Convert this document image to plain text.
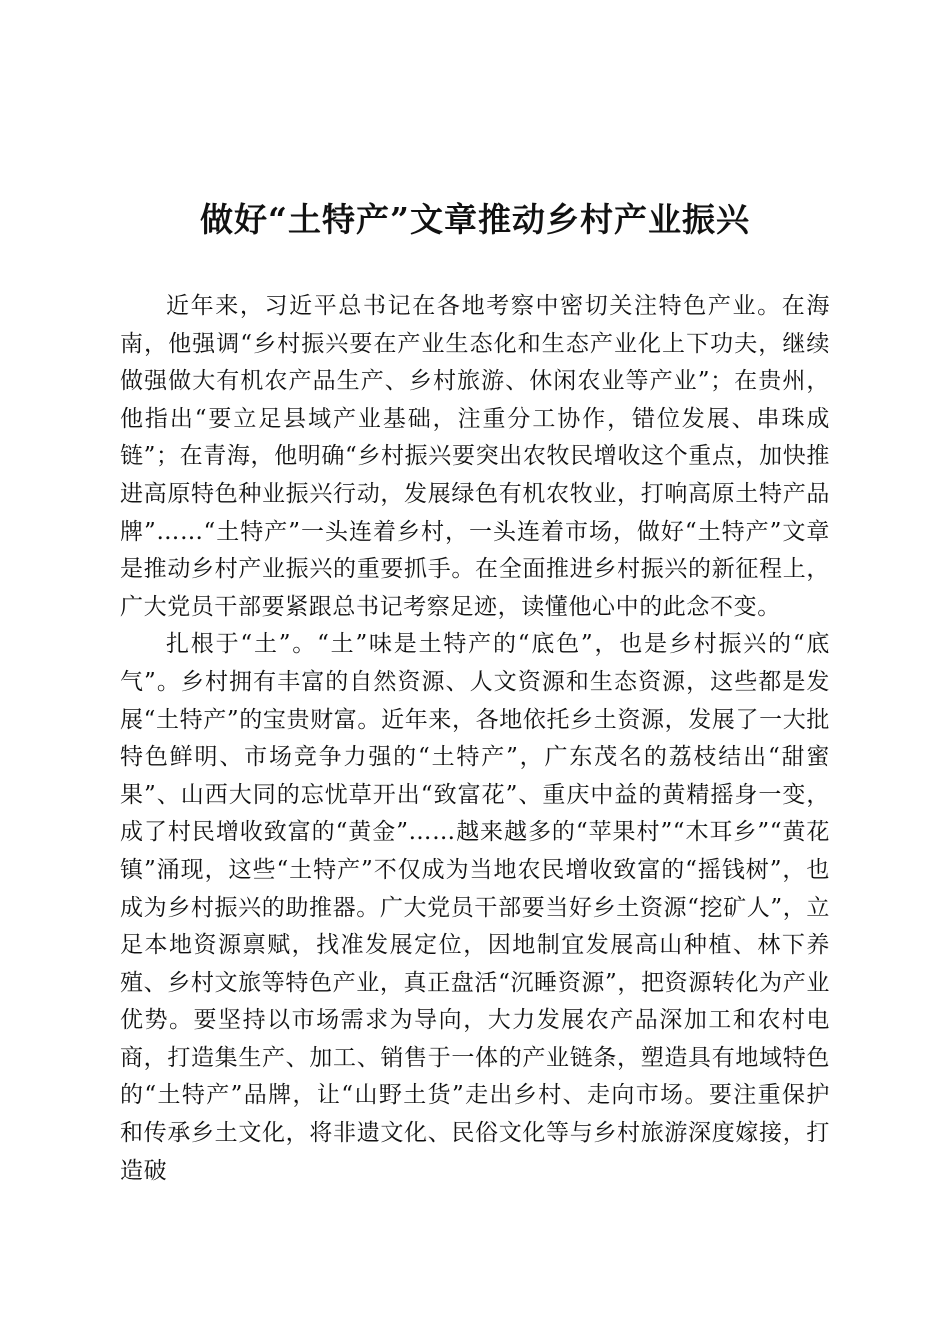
做好“土特产”文章推动乡村产业振兴

近年来，习近平总书记在各地考察中密切关注特色产业。在海南，他强调“乡村振兴要在产业生态化和生态产业化上下功夫，继续做强做大有机农产品生产、乡村旅游、休闲农业等产业”；在贵州，他指出“要立足县域产业基础，注重分工协作，错位发展、串珠成链”；在青海，他明确“乡村振兴要突出农牧民增收这个重点，加快推进高原特色种业振兴行动，发展绿色有机农牧业，打响高原土特产品牌”……“土特产”一头连着乡村，一头连着市场，做好“土特产”文章是推动乡村产业振兴的重要抓手。在全面推进乡村振兴的新征程上，广大党员干部要紧跟总书记考察足迹，读懂他心中的此念不变。

扎根于“土”。“土”味是土特产的“底色”，也是乡村振兴的“底气”。乡村拥有丰富的自然资源、人文资源和生态资源，这些都是发展“土特产”的宝贵财富。近年来，各地依托乡土资源，发展了一大批特色鲜明、市场竞争力强的“土特产”，广东茂名的荔枝结出“甜蜜果”、山西大同的忘忧草开出“致富花”、重庆中益的黄精摇身一变，成了村民增收致富的“黄金”……越来越多的“苹果村”“木耳乡”“黄花镇”涌现，这些“土特产”不仅成为当地农民增收致富的“摇钱树”，也成为乡村振兴的助推器。广大党员干部要当好乡土资源“挖矿人”，立足本地资源禀赋，找准发展定位，因地制宜发展高山种植、林下养殖、乡村文旅等特色产业，真正盘活“沉睡资源”，把资源转化为产业优势。要坚持以市场需求为导向，大力发展农产品深加工和农村电商，打造集生产、加工、销售于一体的产业链条，塑造具有地域特色的“土特产”品牌，让“山野土货”走出乡村、走向市场。要注重保护和传承乡土文化，将非遗文化、民俗文化等与乡村旅游深度嫁接，打造破
